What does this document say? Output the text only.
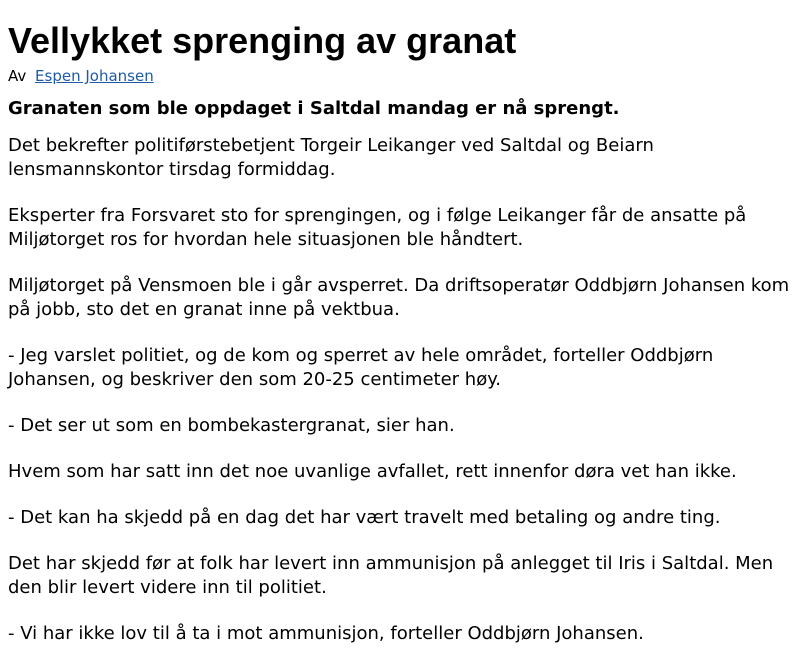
Vellykket sprenging av granat
Av Espen Johansen

Granaten som ble oppdaget i Saltdal mandag er nå sprengt.

Det bekrefter politiførstebetjent Torgeir Leikanger ved Saltdal og Beiarn lensmannskontor tirsdag formiddag.

Eksperter fra Forsvaret sto for sprengingen, og i følge Leikanger får de ansatte på Miljøtorget ros for hvordan hele situasjonen ble håndtert.

Miljøtorget på Vensmoen ble i går avsperret. Da driftsoperatør Oddbjørn Johansen kom på jobb, sto det en granat inne på vektbua.

- Jeg varslet politiet, og de kom og sperret av hele området, forteller Oddbjørn Johansen, og beskriver den som 20-25 centimeter høy.

- Det ser ut som en bombekastergranat, sier han.

Hvem som har satt inn det noe uvanlige avfallet, rett innenfor døra vet han ikke.

- Det kan ha skjedd på en dag det har vært travelt med betaling og andre ting.

Det har skjedd før at folk har levert inn ammunisjon på anlegget til Iris i Saltdal. Men den blir levert videre inn til politiet.

- Vi har ikke lov til å ta i mot ammunisjon, forteller Oddbjørn Johansen.
